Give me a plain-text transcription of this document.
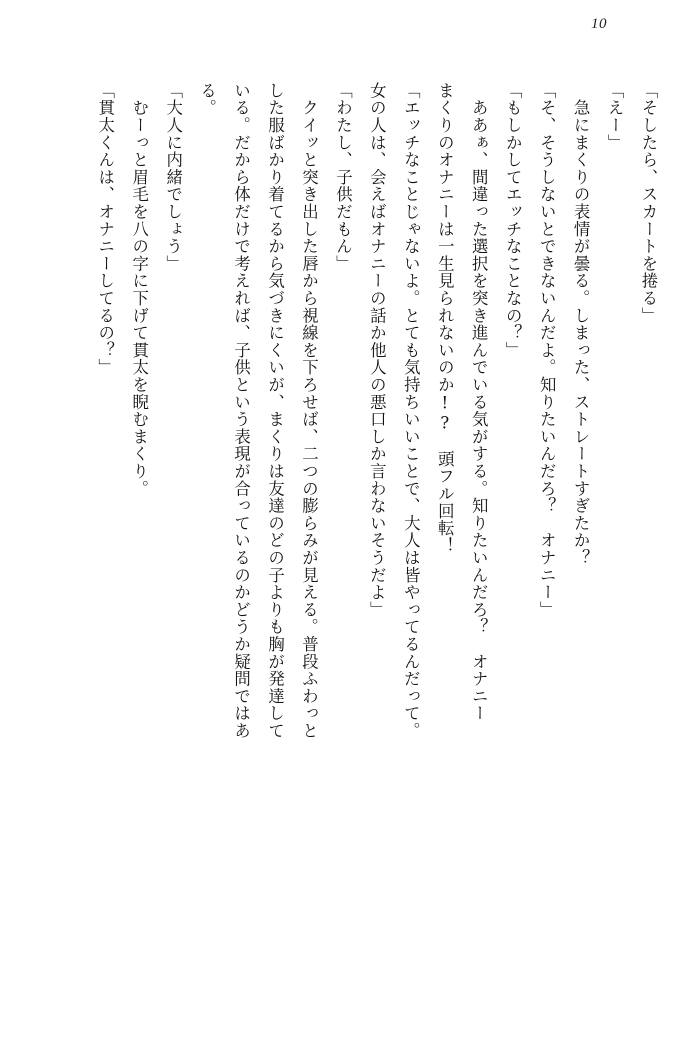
10

「そしたら、スカートを捲る」

「えー」

　急にまくりの表情が曇る。しまった、ストレートすぎたか？

「そ、そうしないとできないんだよ。知りたいんだろ？　オナニー」

「もしかしてエッチなことなの？」

　ああぁ、間違った選択を突き進んでいる気がする。知りたいんだろ？　オナニー

まくりのオナニーは一生見られないのか!?　頭フル回転！

「エッチなことじゃないよ。とても気持ちいいことで、大人は皆やってるんだって。

女の人は、会えばオナニーの話か他人の悪口しか言わないそうだよ」

「わたし、子供だもん」

　クイッと突き出した唇から視線を下ろせば、二つの膨らみが見える。普段ふわっと

した服ばかり着てるから気づきにくいが、まくりは友達のどの子よりも胸が発達して

いる。だから体だけで考えれば、子供という表現が合っているのかどうか疑問ではあ

る。

「大人に内緒でしょう」

　むーっと眉毛を八の字に下げて貫太を睨むまくり。

「貫太くんは、オナニーしてるの？」
